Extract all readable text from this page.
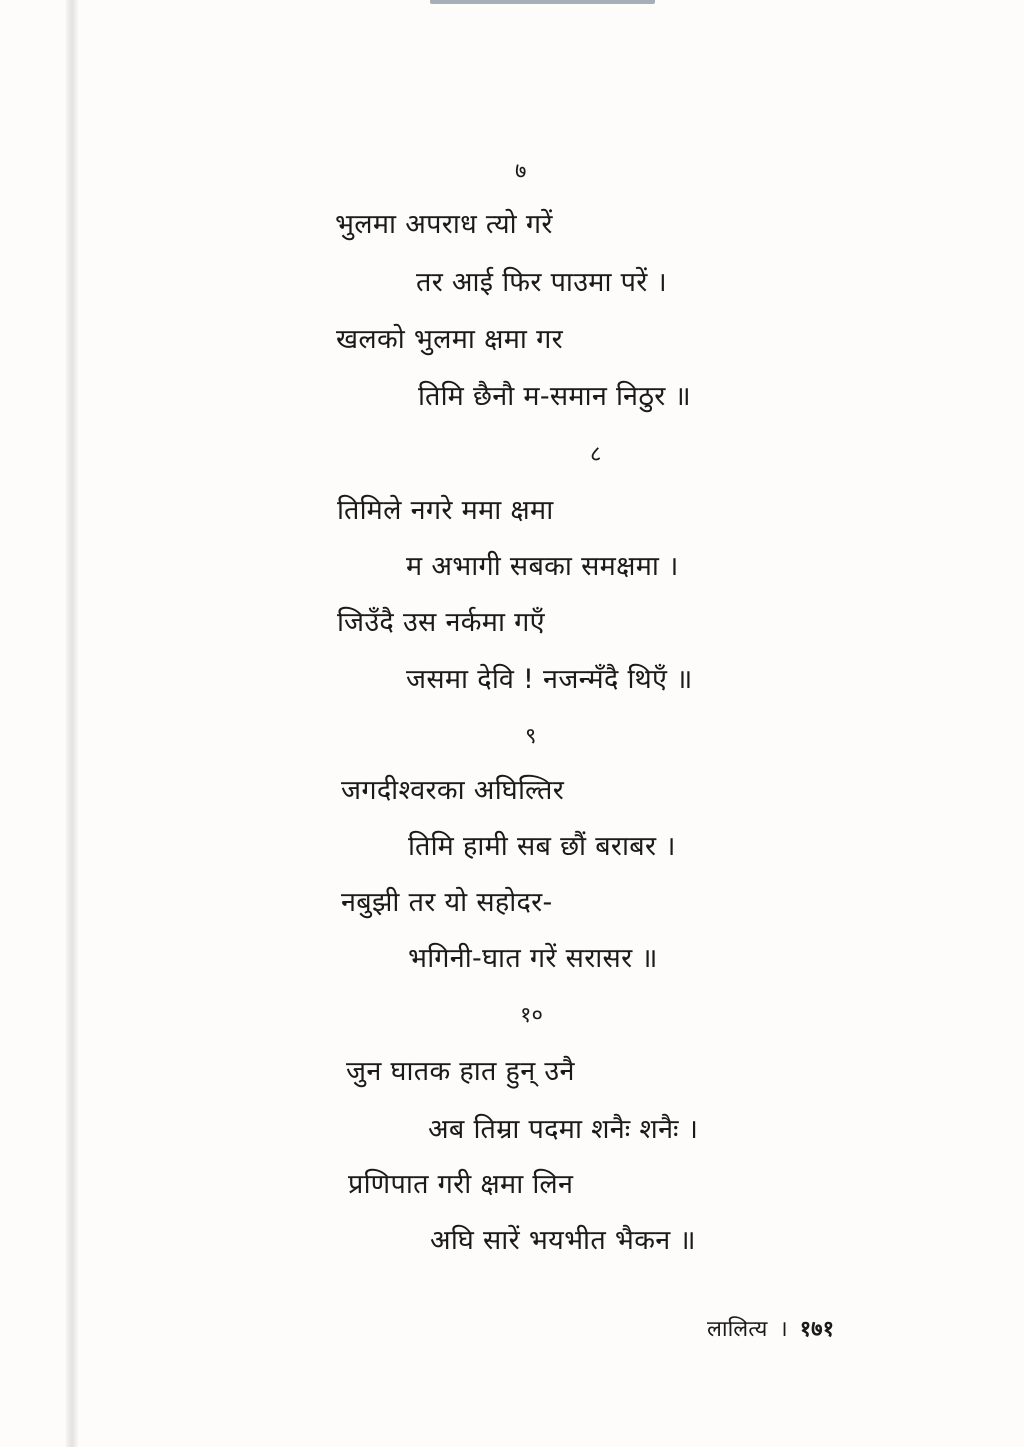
७
भुलमा अपराध त्यो गरें
तर आई फिर पाउमा परें ।
खलको भुलमा क्षमा गर
तिमि छैनौ म-समान निठुर ॥
८
तिमिले नगरे ममा क्षमा
म अभागी सबका समक्षमा ।
जिउँदै उस नर्कमा गएँ
जसमा देवि ! नजन्मँदै थिएँ ॥
९
जगदीश्वरका अघिल्तिर
तिमि हामी सब छौं बराबर ।
नबुझी तर यो सहोदर-
भगिनी-घात गरें सरासर ॥
१०
जुन घातक हात हुन् उनै
अब तिम्रा पदमा शनैः शनैः ।
प्रणिपात गरी क्षमा लिन
अघि सारें भयभीत भैकन ॥
लालित्य । १७१
